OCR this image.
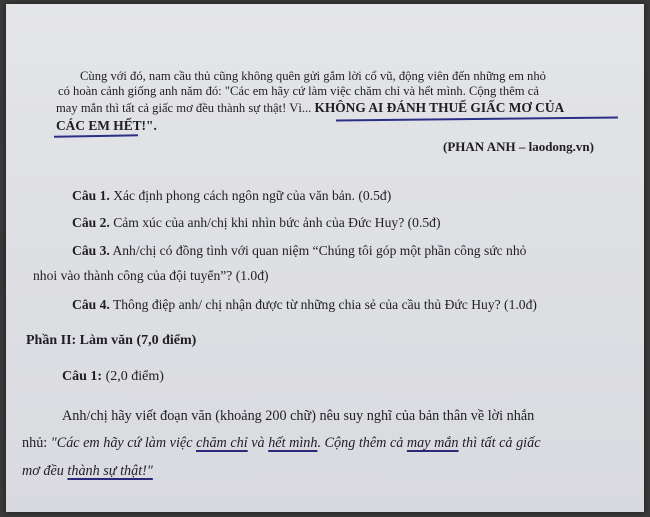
Cùng với đó, nam cầu thủ cũng không quên gửi gắm lời cổ vũ, động viên đến những em nhỏ
có hoàn cảnh giống anh năm đó: "Các em hãy cứ làm việc chăm chỉ và hết mình. Cộng thêm cả
may mắn thì tất cả giấc mơ đều thành sự thật! Vì... KHÔNG AI ĐÁNH THUẾ GIẤC MƠ CỦA
CÁC EM HẾT!".
(PHAN ANH – laodong.vn)
Câu 1. Xác định phong cách ngôn ngữ của văn bản. (0.5đ)
Câu 2. Cảm xúc của anh/chị khi nhìn bức ảnh của Đức Huy? (0.5đ)
Câu 3. Anh/chị có đồng tình với quan niệm “Chúng tôi góp một phần công sức nhỏ
nhoi vào thành công của đội tuyển”? (1.0đ)
Câu 4. Thông điệp anh/ chị nhận được từ những chia sẻ của cầu thủ Đức Huy? (1.0đ)
Phần II: Làm văn (7,0 điểm)
Câu 1: (2,0 điểm)
Anh/chị hãy viết đoạn văn (khoảng 200 chữ) nêu suy nghĩ của bản thân về lời nhắn
nhủ: "Các em hãy cứ làm việc chăm chỉ và hết mình. Cộng thêm cả may mắn thì tất cả giấc
mơ đều thành sự thật!"
